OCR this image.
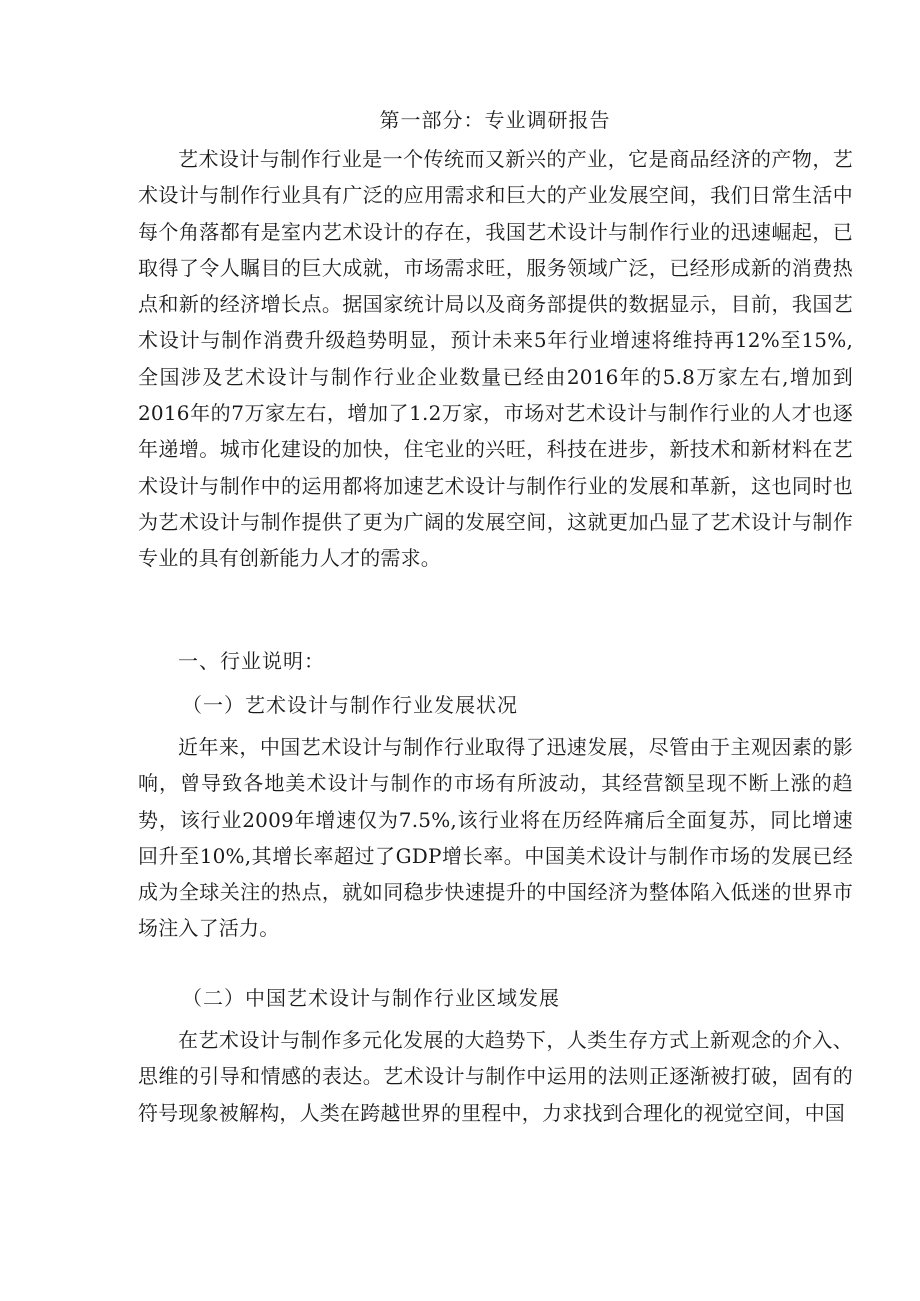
第一部分：专业调研报告
艺术设计与制作行业是一个传统而又新兴的产业，它是商品经济的产物，艺术设计与制作行业具有广泛的应用需求和巨大的产业发展空间，我们日常生活中每个角落都有是室内艺术设计的存在，我国艺术设计与制作行业的迅速崛起，已取得了令人瞩目的巨大成就，市场需求旺，服务领域广泛，已经形成新的消费热点和新的经济增长点。据国家统计局以及商务部提供的数据显示，目前，我国艺术设计与制作消费升级趋势明显，预计未来5年行业增速将维持再12%至15%,全国涉及艺术设计与制作行业企业数量已经由2016年的5.8万家左右,增加到2016年的7万家左右，增加了1.2万家，市场对艺术设计与制作行业的人才也逐年递增。城市化建设的加快，住宅业的兴旺，科技在进步，新技术和新材料在艺术设计与制作中的运用都将加速艺术设计与制作行业的发展和革新，这也同时也为艺术设计与制作提供了更为广阔的发展空间，这就更加凸显了艺术设计与制作专业的具有创新能力人才的需求。
一、行业说明：
（一）艺术设计与制作行业发展状况
近年来，中国艺术设计与制作行业取得了迅速发展，尽管由于主观因素的影响，曾导致各地美术设计与制作的市场有所波动，其经营额呈现不断上涨的趋势，该行业2009年增速仅为7.5%,该行业将在历经阵痛后全面复苏，同比增速回升至10%,其增长率超过了GDP增长率。中国美术设计与制作市场的发展已经成为全球关注的热点，就如同稳步快速提升的中国经济为整体陷入低迷的世界市场注入了活力。
（二）中国艺术设计与制作行业区域发展
在艺术设计与制作多元化发展的大趋势下，人类生存方式上新观念的介入、思维的引导和情感的表达。艺术设计与制作中运用的法则正逐渐被打破，固有的符号现象被解构，人类在跨越世界的里程中，力求找到合理化的视觉空间，中国
